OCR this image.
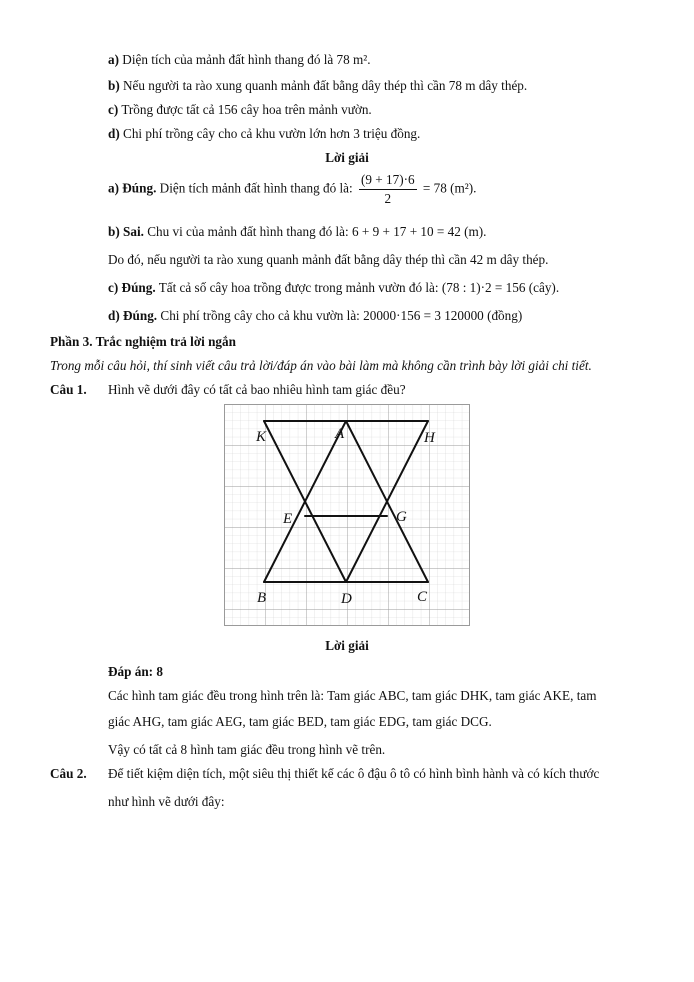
a) Diện tích của mảnh đất hình thang đó là 78 m².
b) Nếu người ta rào xung quanh mảnh đất bằng dây thép thì cần 78 m dây thép.
c) Trồng được tất cả 156 cây hoa trên mảnh vườn.
d) Chi phí trồng cây cho cả khu vườn lớn hơn 3 triệu đồng.
Lời giải
a) Đúng. Diện tích mảnh đất hình thang đó là: $\frac{(9 + 17)\cdot 6}{2} = 78$ (m²).
b) Sai. Chu vi của mảnh đất hình thang đó là: 6 + 9 + 17 + 10 = 42 (m).
Do đó, nếu người ta rào xung quanh mảnh đất bằng dây thép thì cần 42 m dây thép.
c) Đúng. Tất cả số cây hoa trồng được trong mảnh vườn đó là: (78 : 1)·2 = 156 (cây).
d) Đúng. Chi phí trồng cây cho cả khu vườn là: 20000·156 = 3 120000 (đồng)
Phần 3. Trắc nghiệm trả lời ngắn
Trong mỗi câu hỏi, thí sinh viết câu trả lời/đáp án vào bài làm mà không cần trình bày lời giải chi tiết.
Câu 1. Hình vẽ dưới đây có tất cả bao nhiêu hình tam giác đều?
K	A	H
E	G
B	D	C
Lời giải
Đáp án: 8
Các hình tam giác đều trong hình trên là: Tam giác ABC, tam giác DHK, tam giác AKE, tam
giác AHG, tam giác AEG, tam giác BED, tam giác EDG, tam giác DCG.
Vậy có tất cả 8 hình tam giác đều trong hình vẽ trên.
Câu 2. Để tiết kiệm diện tích, một siêu thị thiết kế các ô đậu ô tô có hình bình hành và có kích thước
như hình vẽ dưới đây:
